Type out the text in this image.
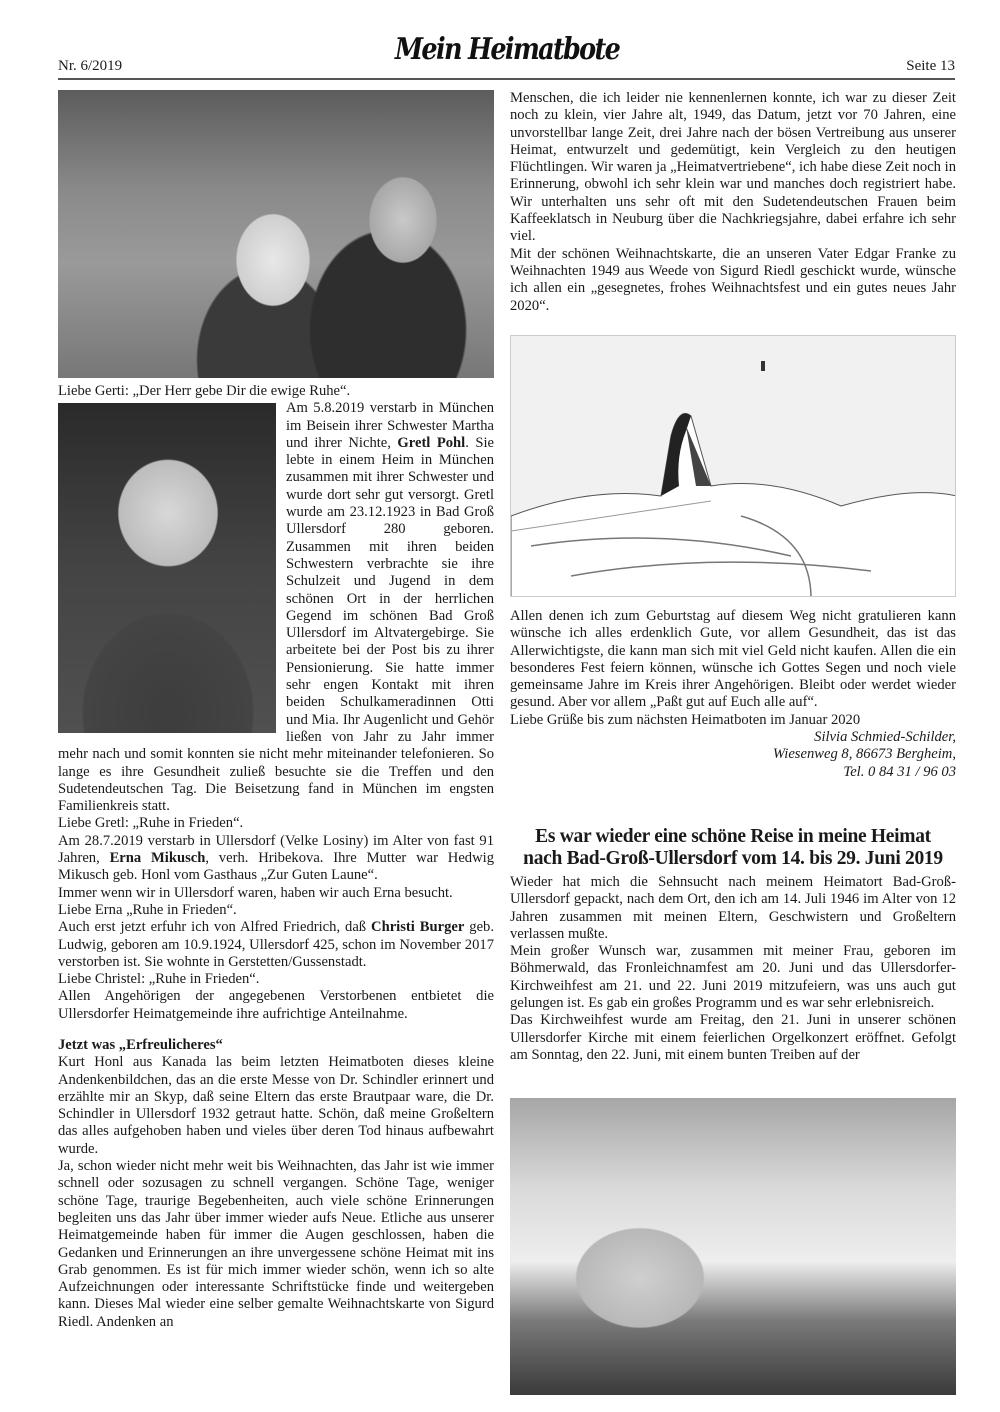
Nr. 6/2019	Mein Heimatbote	Seite 13

Liebe Gerti: „Der Herr gebe Dir die ewige Ruhe“.

Am 5.8.2019 verstarb in München im Beisein ihrer Schwester Martha und ihrer Nichte, Gretl Pohl. Sie lebte in einem Heim in München zusammen mit ihrer Schwester und wurde dort sehr gut versorgt. Gretl wurde am 23.12.1923 in Bad Groß Ullersdorf 280 geboren. Zusammen mit ihren beiden Schwestern verbrachte sie ihre Schulzeit und Jugend in dem schönen Ort in der herrlichen Gegend im schönen Bad Groß Ullersdorf im Altvatergebirge. Sie arbeitete bei der Post bis zu ihrer Pensionierung. Sie hatte immer sehr engen Kontakt mit ihren beiden Schulkameradinnen Otti und Mia. Ihr Augenlicht und Gehör ließen von Jahr zu Jahr immer mehr nach und somit konnten sie nicht mehr miteinander telefonieren. So lange es ihre Gesundheit zuließ besuchte sie die Treffen und den Sudetendeutschen Tag. Die Beisetzung fand in München im engsten Familienkreis statt.

Liebe Gretl: „Ruhe in Frieden“.

Am 28.7.2019 verstarb in Ullersdorf (Velke Losiny) im Alter von fast 91 Jahren, Erna Mikusch, verh. Hribekova. Ihre Mutter war Hedwig Mikusch geb. Honl vom Gasthaus „Zur Guten Laune“.

Immer wenn wir in Ullersdorf waren, haben wir auch Erna besucht.

Liebe Erna „Ruhe in Frieden“.

Auch erst jetzt erfuhr ich von Alfred Friedrich, daß Christi Burger geb. Ludwig, geboren am 10.9.1924, Ullersdorf 425, schon im November 2017 verstorben ist. Sie wohnte in Gerstetten/Gussenstadt.

Liebe Christel: „Ruhe in Frieden“.

Allen Angehörigen der angegebenen Verstorbenen entbietet die Ullersdorfer Heimatgemeinde ihre aufrichtige Anteilnahme.

Jetzt was „Erfreulicheres“

Kurt Honl aus Kanada las beim letzten Heimatboten dieses kleine Andenkenbildchen, das an die erste Messe von Dr. Schindler erinnert und erzählte mir an Skyp, daß seine Eltern das erste Brautpaar ware, die Dr. Schindler in Ullersdorf 1932 getraut hatte. Schön, daß meine Großeltern das alles aufgehoben haben und vieles über deren Tod hinaus aufbewahrt wurde.

Ja, schon wieder nicht mehr weit bis Weihnachten, das Jahr ist wie immer schnell oder sozusagen zu schnell vergangen. Schöne Tage, weniger schöne Tage, traurige Begebenheiten, auch viele schöne Erinnerungen begleiten uns das Jahr über immer wieder aufs Neue. Etliche aus unserer Heimatgemeinde haben für immer die Augen geschlossen, haben die Gedanken und Erinnerungen an ihre unvergessene schöne Heimat mit ins Grab genommen. Es ist für mich immer wieder schön, wenn ich so alte Aufzeichnungen oder interessante Schriftstücke finde und weitergeben kann. Dieses Mal wieder eine selber gemalte Weihnachtskarte von Sigurd Riedl. Andenken an

Menschen, die ich leider nie kennenlernen konnte, ich war zu dieser Zeit noch zu klein, vier Jahre alt, 1949, das Datum, jetzt vor 70 Jahren, eine unvorstellbar lange Zeit, drei Jahre nach der bösen Vertreibung aus unserer Heimat, entwurzelt und gedemütigt, kein Vergleich zu den heutigen Flüchtlingen. Wir waren ja „Heimatvertriebene“, ich habe diese Zeit noch in Erinnerung, obwohl ich sehr klein war und manches doch registriert habe. Wir unterhalten uns sehr oft mit den Sudetendeutschen Frauen beim Kaffeeklatsch in Neuburg über die Nachkriegsjahre, dabei erfahre ich sehr viel.

Mit der schönen Weihnachtskarte, die an unseren Vater Edgar Franke zu Weihnachten 1949 aus Weede von Sigurd Riedl geschickt wurde, wünsche ich allen ein „gesegnetes, frohes Weihnachtsfest und ein gutes neues Jahr 2020“.

Allen denen ich zum Geburtstag auf diesem Weg nicht gratulieren kann wünsche ich alles erdenklich Gute, vor allem Gesundheit, das ist das Allerwichtigste, die kann man sich mit viel Geld nicht kaufen. Allen die ein besonderes Fest feiern können, wünsche ich Gottes Segen und noch viele gemeinsame Jahre im Kreis ihrer Angehörigen. Bleibt oder werdet wieder gesund. Aber vor allem „Paßt gut auf Euch alle auf“.

Liebe Grüße bis zum nächsten Heimatboten im Januar 2020

Silvia Schmied-Schilder,

Wiesenweg 8, 86673 Bergheim,

Tel. 0 84 31 / 96 03

Es war wieder eine schöne Reise in meine Heimat
nach Bad-Groß-Ullersdorf vom 14. bis 29. Juni 2019

Wieder hat mich die Sehnsucht nach meinem Heimatort Bad-Groß-Ullersdorf gepackt, nach dem Ort, den ich am 14. Juli 1946 im Alter von 12 Jahren zusammen mit meinen Eltern, Geschwistern und Großeltern verlassen mußte.

Mein großer Wunsch war, zusammen mit meiner Frau, geboren im Böhmerwald, das Fronleichnamfest am 20. Juni und das Ullersdorfer-Kirchweihfest am 21. und 22. Juni 2019 mitzufeiern, was uns auch gut gelungen ist. Es gab ein großes Programm und es war sehr erlebnisreich.

Das Kirchweihfest wurde am Freitag, den 21. Juni in unserer schönen Ullersdorfer Kirche mit einem feierlichen Orgelkonzert eröffnet. Gefolgt am Sonntag, den 22. Juni, mit einem bunten Treiben auf der
